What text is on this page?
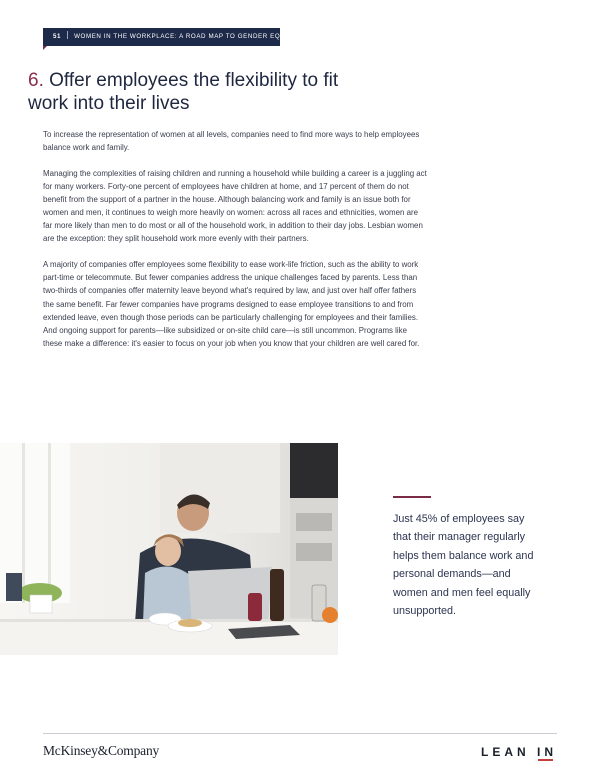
51 WOMEN IN THE WORKPLACE: A ROAD MAP TO GENDER EQUALITY
6. Offer employees the flexibility to fit work into their lives

To increase the representation of women at all levels, companies need to find more ways to help employees balance work and family.

Managing the complexities of raising children and running a household while building a career is a juggling act for many workers. Forty-one percent of employees have children at home, and 17 percent of them do not benefit from the support of a partner in the house. Although balancing work and family is an issue both for women and men, it continues to weigh more heavily on women: across all races and ethnicities, women are far more likely than men to do most or all of the household work, in addition to their day jobs. Lesbian women are the exception: they split household work more evenly with their partners.

A majority of companies offer employees some flexibility to ease work-life friction, such as the ability to work part-time or telecommute. But fewer companies address the unique challenges faced by parents. Less than two-thirds of companies offer maternity leave beyond what's required by law, and just over half offer fathers the same benefit. Far fewer companies have programs designed to ease employee transitions to and from extended leave, even though those periods can be particularly challenging for employees and their families. And ongoing support for parents—like subsidized or on-site child care—is still uncommon. Programs like these make a difference: it's easier to focus on your job when you know that your children are well cared for.

Just 45% of employees say that their manager regularly helps them balance work and personal demands—and women and men feel equally unsupported.
McKinsey&Company	LEAN IN
